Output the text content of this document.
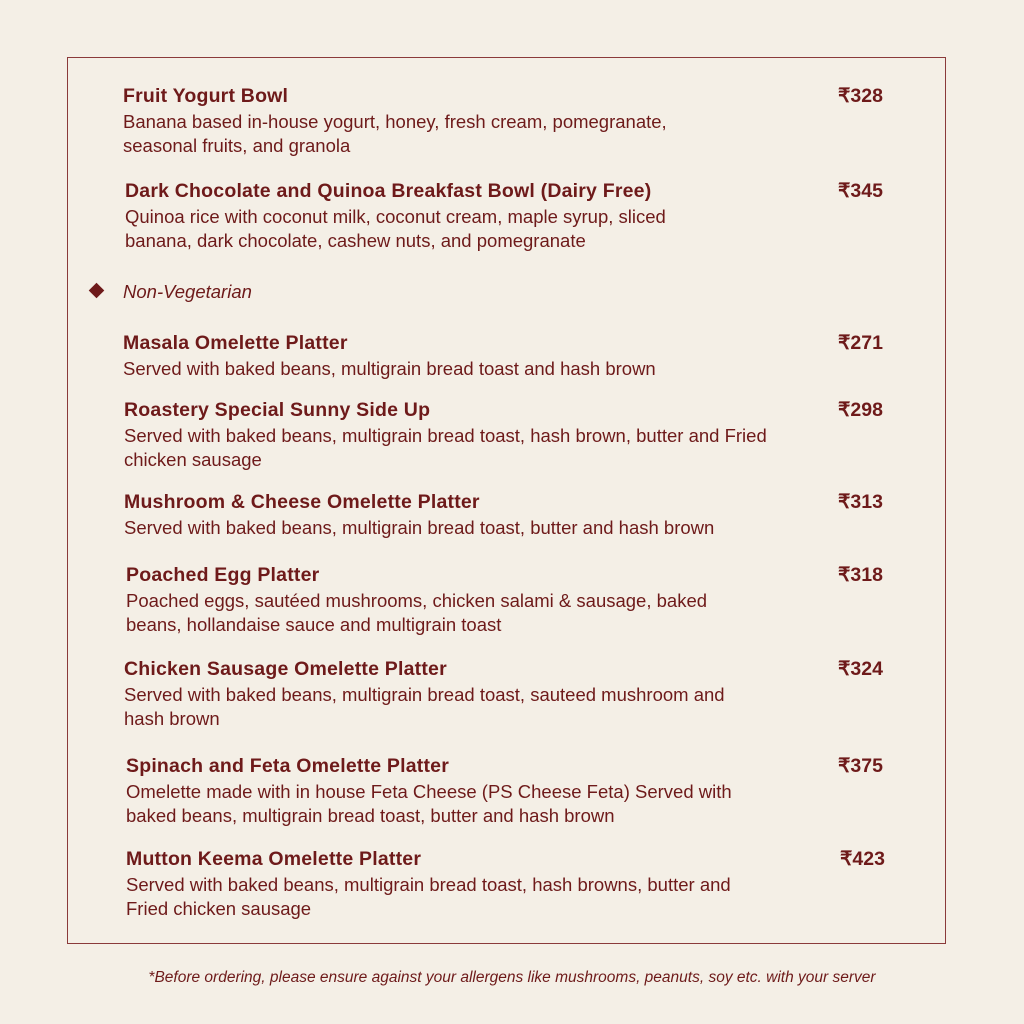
Fruit Yogurt Bowl	₹328
Banana based in-house yogurt, honey, fresh cream, pomegranate, seasonal fruits, and granola
Dark Chocolate and Quinoa Breakfast Bowl (Dairy Free)	₹345
Quinoa rice with coconut milk, coconut cream, maple syrup, sliced banana, dark chocolate, cashew nuts, and pomegranate
Non-Vegetarian
Masala Omelette Platter	₹271
Served with baked beans, multigrain bread toast and hash brown
Roastery Special Sunny Side Up	₹298
Served with baked beans, multigrain bread toast, hash brown, butter and Fried chicken sausage
Mushroom & Cheese Omelette Platter	₹313
Served with baked beans, multigrain bread toast, butter and hash brown
Poached Egg Platter	₹318
Poached eggs, sautéed mushrooms, chicken salami & sausage, baked beans, hollandaise sauce and multigrain toast
Chicken Sausage Omelette Platter	₹324
Served with baked beans, multigrain bread toast, sauteed mushroom and hash brown
Spinach and Feta Omelette Platter	₹375
Omelette made with in house Feta Cheese (PS Cheese Feta) Served with baked beans, multigrain bread toast, butter and hash brown
Mutton Keema Omelette Platter	₹423
Served with baked beans, multigrain bread toast, hash browns, butter and Fried chicken sausage
*Before ordering, please ensure against your allergens like mushrooms, peanuts, soy etc. with your server
